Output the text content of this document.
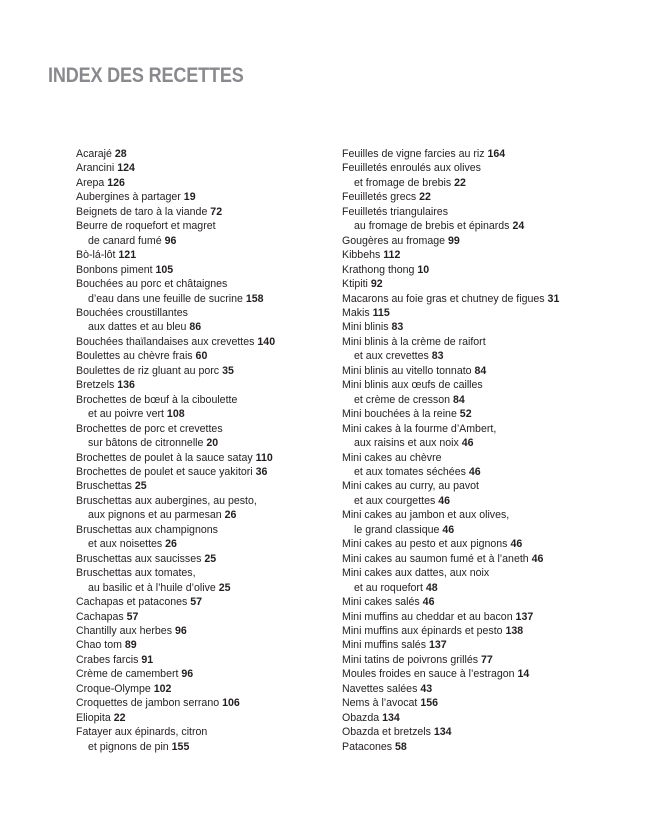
INDEX DES RECETTES
Acarajé 28
Arancini 124
Arepa 126
Aubergines à partager 19
Beignets de taro à la viande 72
Beurre de roquefort et magret
de canard fumé 96
Bò-lá-lôt 121
Bonbons piment 105
Bouchées au porc et châtaignes
d’eau dans une feuille de sucrine 158
Bouchées croustillantes
aux dattes et au bleu 86
Bouchées thaïlandaises aux crevettes 140
Boulettes au chèvre frais 60
Boulettes de riz gluant au porc 35
Bretzels 136
Brochettes de bœuf à la ciboulette
et au poivre vert 108
Brochettes de porc et crevettes
sur bâtons de citronnelle 20
Brochettes de poulet à la sauce satay 110
Brochettes de poulet et sauce yakitori 36
Bruschettas 25
Bruschettas aux aubergines, au pesto,
aux pignons et au parmesan 26
Bruschettas aux champignons
et aux noisettes 26
Bruschettas aux saucisses 25
Bruschettas aux tomates,
au basilic et à l’huile d’olive 25
Cachapas et patacones 57
Cachapas 57
Chantilly aux herbes 96
Chao tom 89
Crabes farcis 91
Crème de camembert 96
Croque-Olympe 102
Croquettes de jambon serrano 106
Eliopita 22
Fatayer aux épinards, citron
et pignons de pin 155
Feuilles de vigne farcies au riz 164
Feuilletés enroulés aux olives
et fromage de brebis 22
Feuilletés grecs 22
Feuilletés triangulaires
au fromage de brebis et épinards 24
Gougères au fromage 99
Kibbehs 112
Krathong thong 10
Ktipiti 92
Macarons au foie gras et chutney de figues 31
Makis 115
Mini blinis 83
Mini blinis à la crème de raifort
et aux crevettes 83
Mini blinis au vitello tonnato 84
Mini blinis aux œufs de cailles
et crème de cresson 84
Mini bouchées à la reine 52
Mini cakes à la fourme d’Ambert,
aux raisins et aux noix 46
Mini cakes au chèvre
et aux tomates séchées 46
Mini cakes au curry, au pavot
et aux courgettes 46
Mini cakes au jambon et aux olives,
le grand classique 46
Mini cakes au pesto et aux pignons 46
Mini cakes au saumon fumé et à l’aneth 46
Mini cakes aux dattes, aux noix
et au roquefort 48
Mini cakes salés 46
Mini muffins au cheddar et au bacon 137
Mini muffins aux épinards et pesto 138
Mini muffins salés 137
Mini tatins de poivrons grillés 77
Moules froides en sauce à l’estragon 14
Navettes salées 43
Nems à l’avocat 156
Obazda 134
Obazda et bretzels 134
Patacones 58
